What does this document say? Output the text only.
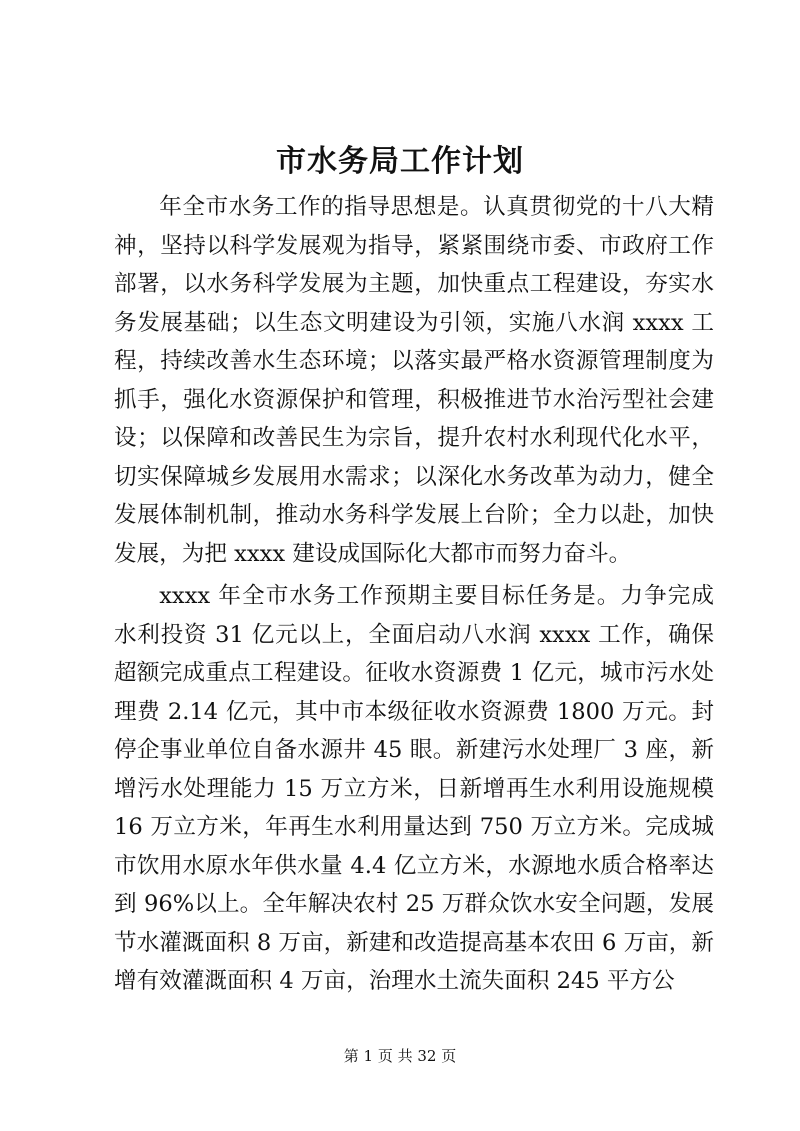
市水务局工作计划

年全市水务工作的指导思想是。认真贯彻党的十八大精神，坚持以科学发展观为指导，紧紧围绕市委、市政府工作部署，以水务科学发展为主题，加快重点工程建设，夯实水务发展基础；以生态文明建设为引领，实施八水润 xxxx 工程，持续改善水生态环境；以落实最严格水资源管理制度为抓手，强化水资源保护和管理，积极推进节水治污型社会建设；以保障和改善民生为宗旨，提升农村水利现代化水平，切实保障城乡发展用水需求；以深化水务改革为动力，健全发展体制机制，推动水务科学发展上台阶；全力以赴，加快发展，为把 xxxx 建设成国际化大都市而努力奋斗。

xxxx 年全市水务工作预期主要目标任务是。力争完成水利投资 31 亿元以上，全面启动八水润 xxxx 工作，确保超额完成重点工程建设。征收水资源费 1 亿元，城市污水处理费 2.14 亿元，其中市本级征收水资源费 1800 万元。封停企事业单位自备水源井 45 眼。新建污水处理厂 3 座，新增污水处理能力 15 万立方米，日新增再生水利用设施规模 16 万立方米，年再生水利用量达到 750 万立方米。完成城市饮用水原水年供水量 4.4 亿立方米，水源地水质合格率达到 96%以上。全年解决农村 25 万群众饮水安全问题，发展节水灌溉面积 8 万亩，新建和改造提高基本农田 6 万亩，新增有效灌溉面积 4 万亩，治理水土流失面积 245 平方公

第 1 页 共 32 页
